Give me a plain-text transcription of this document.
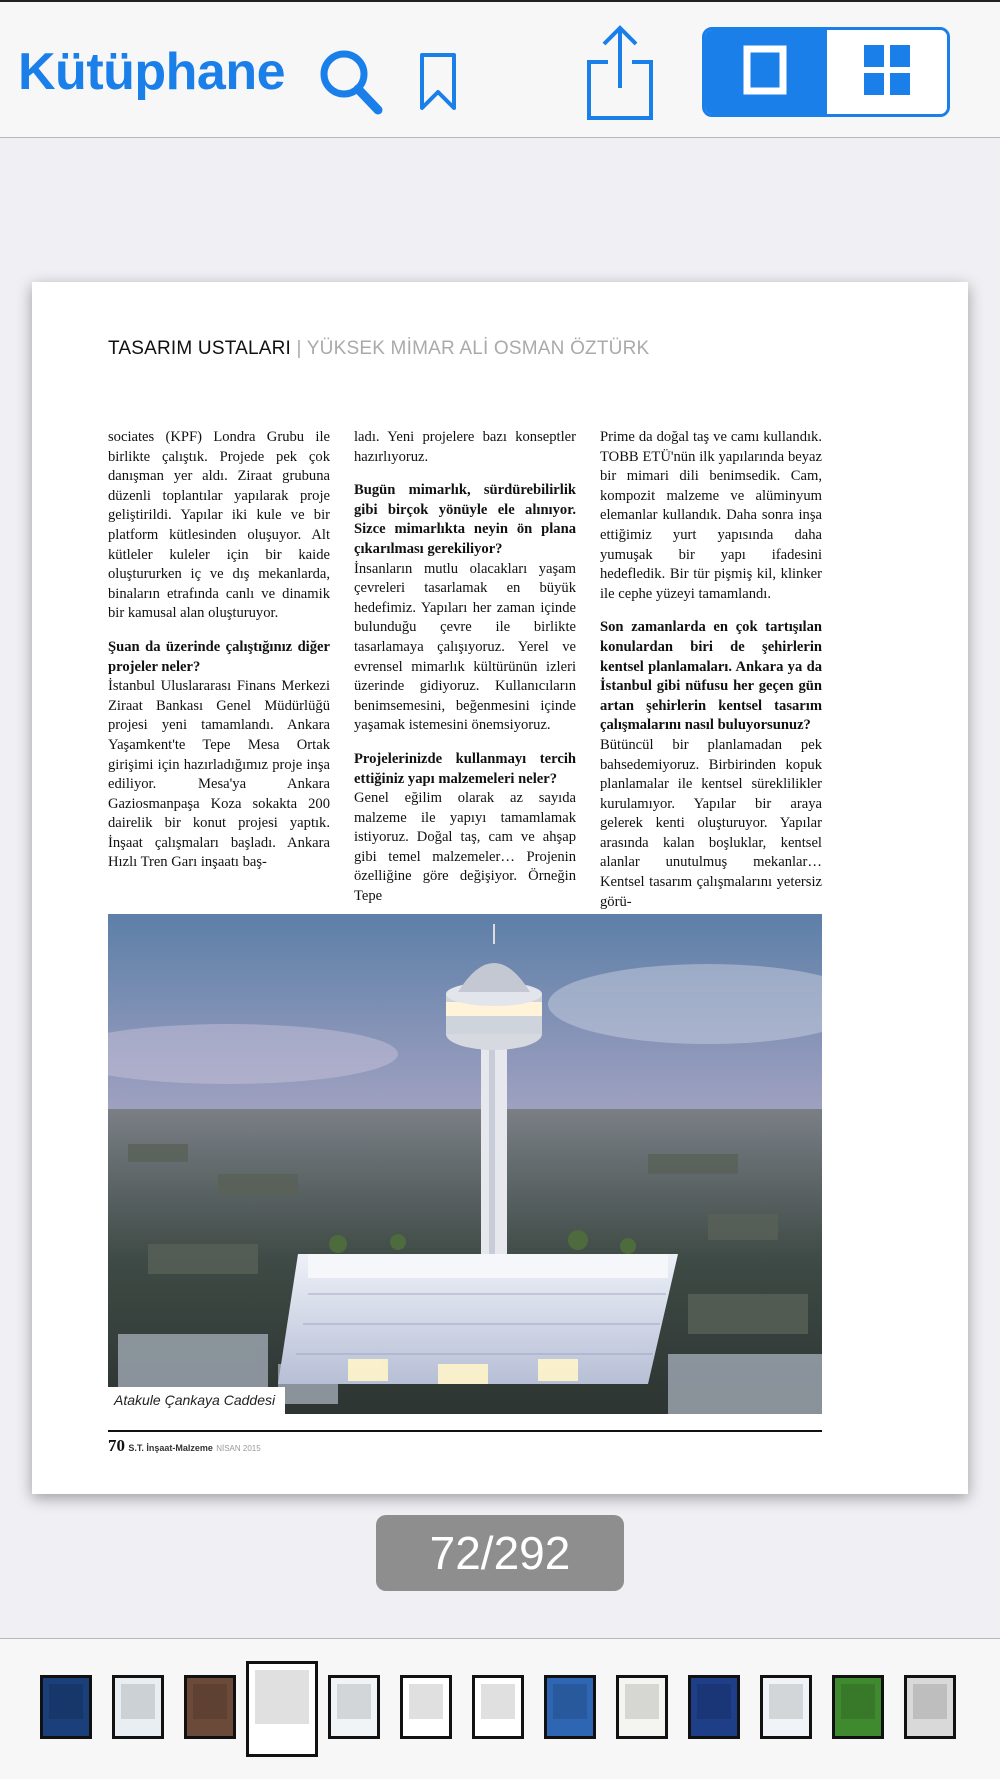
Kütüphane
TASARIM USTALARI | YÜKSEK MİMAR ALİ OSMAN ÖZTÜRK

sociates (KPF) Londra Grubu ile birlikte çalıştık. Projede pek çok danışman yer aldı. Ziraat grubuna düzenli toplantılar yapılarak proje geliştirildi. Yapılar iki kule ve bir platform kütlesinden oluşuyor. Alt kütleler kuleler için bir kaide oluştururken iç ve dış mekanlarda, binaların etrafında canlı ve dinamik bir kamusal alan oluşturuyor.

Şuan da üzerinde çalıştığınız diğer projeler neler?

İstanbul Uluslararası Finans Merkezi Ziraat Bankası Genel Müdürlüğü projesi yeni tamamlandı. Ankara Yaşamkent'te Tepe Mesa Ortak girişimi için hazırladığımız proje inşa ediliyor. Mesa'ya Ankara Gaziosmanpaşa Koza sokakta 200 dairelik bir konut projesi yaptık. İnşaat çalışmaları başladı. Ankara Hızlı Tren Garı inşaatı baş-

ladı. Yeni projelere bazı konseptler hazırlıyoruz.

Bugün mimarlık, sürdürebilirlik gibi birçok yönüyle ele alınıyor. Sizce mimarlıkta neyin ön plana çıkarılması gerekiliyor?

İnsanların mutlu olacakları yaşam çevreleri tasarlamak en büyük hedefimiz. Yapıları her zaman içinde bulunduğu çevre ile birlikte tasarlamaya çalışıyoruz. Yerel ve evrensel mimarlık kültürünün izleri üzerinde gidiyoruz. Kullanıcıların benimsemesini, beğenmesini içinde yaşamak istemesini önemsiyoruz.

Projelerinizde kullanmayı tercih ettiğiniz yapı malzemeleri neler?

Genel eğilim olarak az sayıda malzeme ile yapıyı tamamlamak istiyoruz. Doğal taş, cam ve ahşap gibi temel malzemeler… Projenin özelliğine göre değişiyor. Örneğin Tepe

Prime da doğal taş ve camı kullandık. TOBB ETÜ'nün ilk yapılarında beyaz bir mimari dili benimsedik. Cam, kompozit malzeme ve alüminyum elemanlar kullandık. Daha sonra inşa ettiğimiz yurt yapısında daha yumuşak bir yapı ifadesini hedefledik. Bir tür pişmiş kil, klinker ile cephe yüzeyi tamamlandı.

Son zamanlarda en çok tartışılan konulardan biri de şehirlerin kentsel planlamaları. Ankara ya da İstanbul gibi nüfusu her geçen gün artan şehirlerin kentsel tasarım çalışmalarını nasıl buluyorsunuz?

Bütüncül bir planlamadan pek bahsedemiyoruz. Birbirinden kopuk planlamalar ile kentsel süreklilikler kurulamıyor. Yapılar bir araya gelerek kenti oluşturuyor. Yapılar arasında kalan boşluklar, kentsel alanlar unutulmuş mekanlar… Kentsel tasarım çalışmalarını yetersiz görü-

Atakule Çankaya Caddesi
70 S.T. İnşaat-Malzeme NİSAN 2015
72/292
